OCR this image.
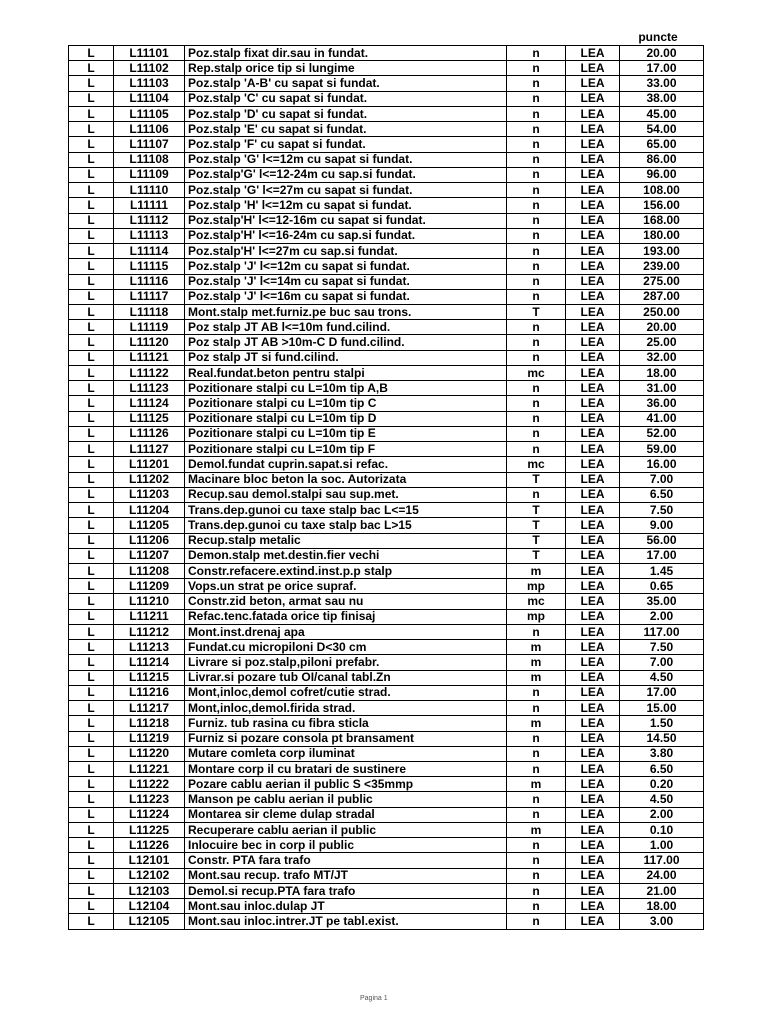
puncte
L	L11101	Poz.stalp fixat dir.sau in fundat.	n	LEA	20.00
L	L11102	Rep.stalp orice tip si lungime	n	LEA	17.00
L	L11103	Poz.stalp 'A-B' cu sapat si fundat.	n	LEA	33.00
L	L11104	Poz.stalp 'C' cu sapat si fundat.	n	LEA	38.00
L	L11105	Poz.stalp 'D' cu sapat si fundat.	n	LEA	45.00
L	L11106	Poz.stalp 'E' cu sapat si fundat.	n	LEA	54.00
L	L11107	Poz.stalp 'F' cu sapat si fundat.	n	LEA	65.00
L	L11108	Poz.stalp 'G' l<=12m cu sapat si fundat.	n	LEA	86.00
L	L11109	Poz.stalp'G' l<=12-24m cu sap.si fundat.	n	LEA	96.00
L	L11110	Poz.stalp 'G' l<=27m cu sapat si fundat.	n	LEA	108.00
L	L11111	Poz.stalp 'H' l<=12m cu sapat si fundat.	n	LEA	156.00
L	L11112	Poz.stalp'H' l<=12-16m cu sapat si fundat.	n	LEA	168.00
L	L11113	Poz.stalp'H' l<=16-24m cu sap.si fundat.	n	LEA	180.00
L	L11114	Poz.stalp'H' l<=27m cu sap.si fundat.	n	LEA	193.00
L	L11115	Poz.stalp 'J' l<=12m cu sapat si fundat.	n	LEA	239.00
L	L11116	Poz.stalp 'J' l<=14m cu sapat si fundat.	n	LEA	275.00
L	L11117	Poz.stalp 'J' l<=16m cu sapat si fundat.	n	LEA	287.00
L	L11118	Mont.stalp met.furniz.pe buc sau trons.	T	LEA	250.00
L	L11119	Poz stalp JT AB l<=10m fund.cilind.	n	LEA	20.00
L	L11120	Poz stalp JT AB >10m-C D fund.cilind.	n	LEA	25.00
L	L11121	Poz stalp JT si fund.cilind.	n	LEA	32.00
L	L11122	Real.fundat.beton pentru stalpi	mc	LEA	18.00
L	L11123	Pozitionare stalpi cu L=10m tip A,B	n	LEA	31.00
L	L11124	Pozitionare stalpi cu L=10m tip C	n	LEA	36.00
L	L11125	Pozitionare stalpi cu L=10m tip D	n	LEA	41.00
L	L11126	Pozitionare stalpi cu L=10m tip E	n	LEA	52.00
L	L11127	Pozitionare stalpi cu L=10m tip F	n	LEA	59.00
L	L11201	Demol.fundat cuprin.sapat.si refac.	mc	LEA	16.00
L	L11202	Macinare bloc beton la soc. Autorizata	T	LEA	7.00
L	L11203	Recup.sau demol.stalpi sau sup.met.	n	LEA	6.50
L	L11204	Trans.dep.gunoi cu taxe stalp bac L<=15	T	LEA	7.50
L	L11205	Trans.dep.gunoi cu taxe stalp bac L>15	T	LEA	9.00
L	L11206	Recup.stalp metalic	T	LEA	56.00
L	L11207	Demon.stalp met.destin.fier vechi	T	LEA	17.00
L	L11208	Constr.refacere.extind.inst.p.p stalp	m	LEA	1.45
L	L11209	Vops.un strat pe orice supraf.	mp	LEA	0.65
L	L11210	Constr.zid beton, armat sau nu	mc	LEA	35.00
L	L11211	Refac.tenc.fatada orice tip finisaj	mp	LEA	2.00
L	L11212	Mont.inst.drenaj apa	n	LEA	117.00
L	L11213	Fundat.cu micropiloni D<30 cm	m	LEA	7.50
L	L11214	Livrare si poz.stalp,piloni prefabr.	m	LEA	7.00
L	L11215	Livrar.si pozare tub OI/canal tabl.Zn	m	LEA	4.50
L	L11216	Mont,inloc,demol cofret/cutie strad.	n	LEA	17.00
L	L11217	Mont,inloc,demol.firida strad.	n	LEA	15.00
L	L11218	Furniz. tub rasina cu fibra sticla	m	LEA	1.50
L	L11219	Furniz si pozare consola pt bransament	n	LEA	14.50
L	L11220	Mutare comleta corp iluminat	n	LEA	3.80
L	L11221	Montare corp il cu bratari de sustinere	n	LEA	6.50
L	L11222	Pozare cablu aerian il public S <35mmp	m	LEA	0.20
L	L11223	Manson pe cablu aerian il public	n	LEA	4.50
L	L11224	Montarea sir cleme dulap stradal	n	LEA	2.00
L	L11225	Recuperare cablu aerian il public	m	LEA	0.10
L	L11226	Inlocuire bec in corp il public	n	LEA	1.00
L	L12101	Constr. PTA fara trafo	n	LEA	117.00
L	L12102	Mont.sau recup. trafo MT/JT	n	LEA	24.00
L	L12103	Demol.si recup.PTA fara trafo	n	LEA	21.00
L	L12104	Mont.sau inloc.dulap JT	n	LEA	18.00
L	L12105	Mont.sau inloc.intrer.JT pe tabl.exist.	n	LEA	3.00
Pagina 1
